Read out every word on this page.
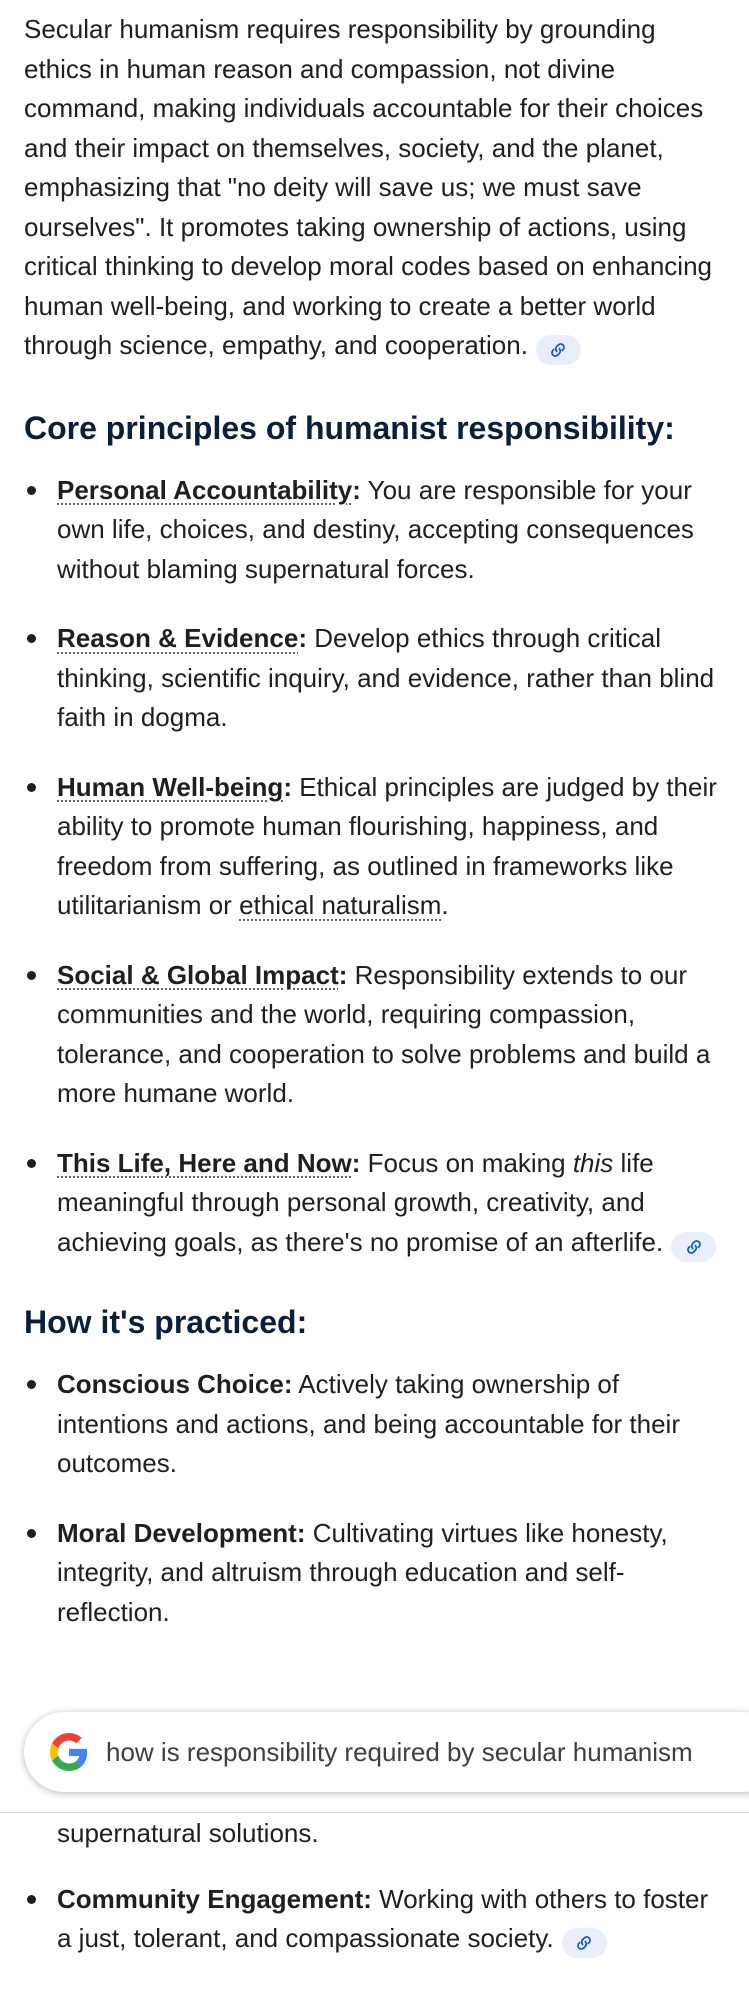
Secular humanism requires responsibility by grounding ethics in human reason and compassion, not divine command, making individuals accountable for their choices and their impact on themselves, society, and the planet, emphasizing that "no deity will save us; we must save ourselves". It promotes taking ownership of actions, using critical thinking to develop moral codes based on enhancing human well-being, and working to create a better world through science, empathy, and cooperation.

Core principles of humanist responsibility:
Personal Accountability: You are responsible for your own life, choices, and destiny, accepting consequences without blaming supernatural forces.
Reason & Evidence: Develop ethics through critical thinking, scientific inquiry, and evidence, rather than blind faith in dogma.
Human Well-being: Ethical principles are judged by their ability to promote human flourishing, happiness, and freedom from suffering, as outlined in frameworks like utilitarianism or ethical naturalism.
Social & Global Impact: Responsibility extends to our communities and the world, requiring compassion, tolerance, and cooperation to solve problems and build a more humane world.
This Life, Here and Now: Focus on making this life meaningful through personal growth, creativity, and achieving goals, as there's no promise of an afterlife.
How it's practiced:
Conscious Choice: Actively taking ownership of intentions and actions, and being accountable for their outcomes.
Moral Development: Cultivating virtues like honesty, integrity, and altruism through education and self-reflection.
how is responsibility required by secular humanism
supernatural solutions.
Community Engagement: Working with others to foster a just, tolerant, and compassionate society.
